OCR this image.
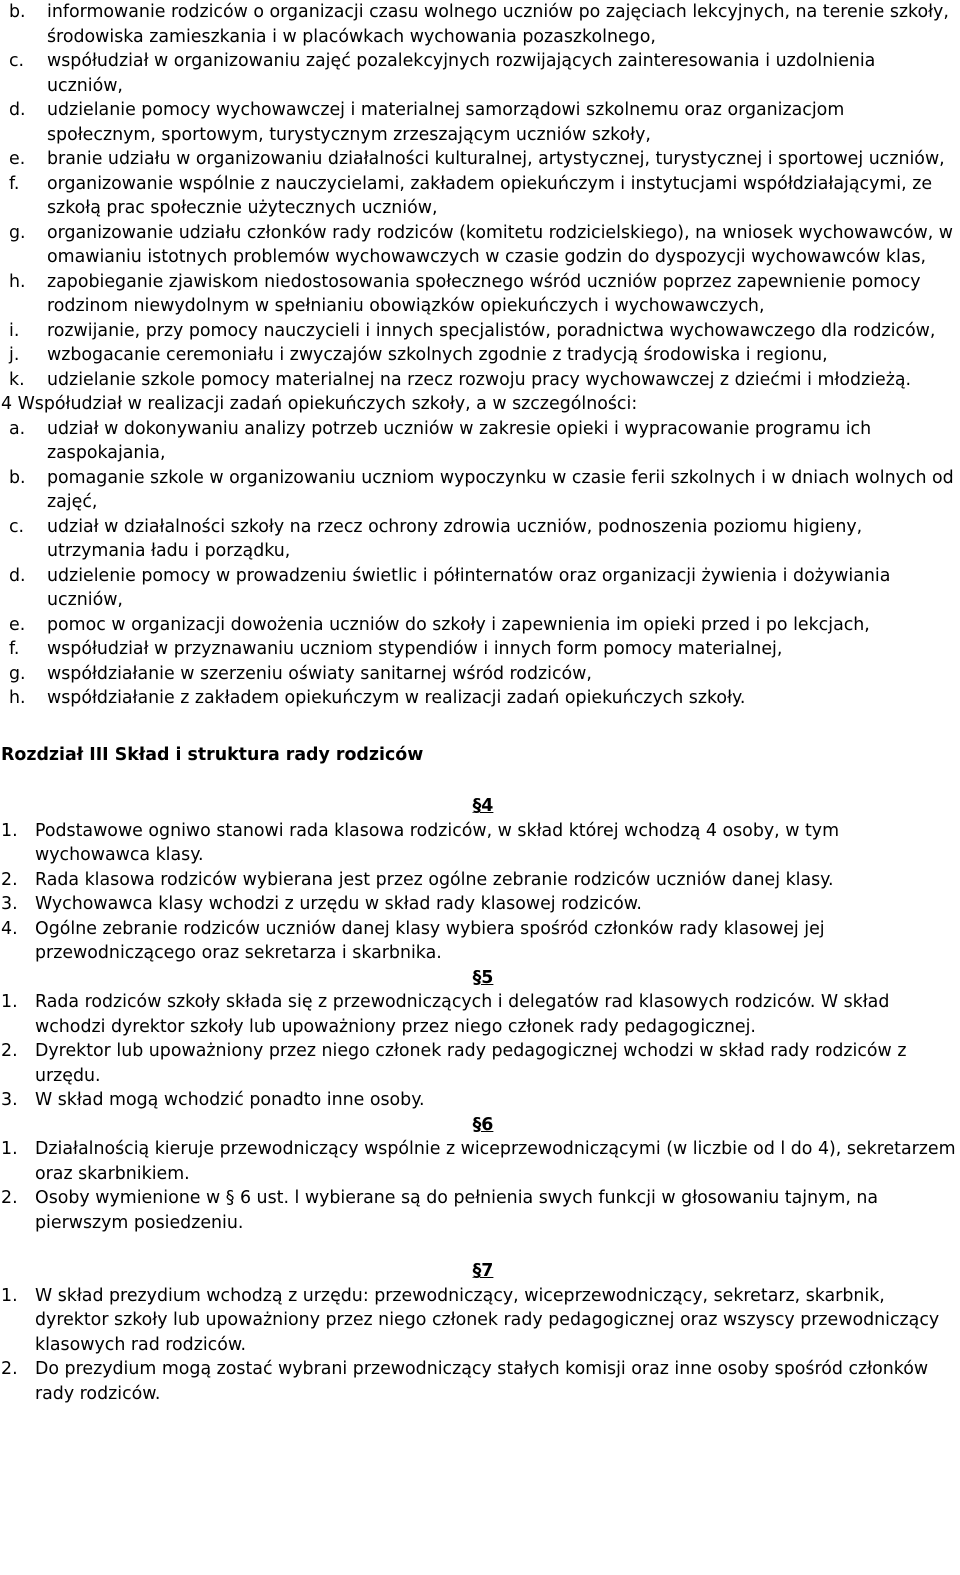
b. informowanie rodziców o organizacji czasu wolnego uczniów po zajęciach lekcyjnych, na terenie szkoły, środowiska zamieszkania i w placówkach wychowania pozaszkolnego,
c. współudział w organizowaniu zajęć pozalekcyjnych rozwijających zainteresowania i uzdolnienia uczniów,
d. udzielanie pomocy wychowawczej i materialnej samorządowi szkolnemu oraz organizacjom społecznym, sportowym, turystycznym zrzeszającym uczniów szkoły,
e. branie udziału w organizowaniu działalności kulturalnej, artystycznej, turystycznej i sportowej uczniów,
f. organizowanie wspólnie z nauczycielami, zakładem opiekuńczym i instytucjami współdziałającymi, ze szkołą prac społecznie użytecznych uczniów,
g. organizowanie udziału członków rady rodziców (komitetu rodzicielskiego), na wniosek wychowawców, w omawianiu istotnych problemów wychowawczych w czasie godzin do dyspozycji wychowawców klas,
h. zapobieganie zjawiskom niedostosowania społecznego wśród uczniów poprzez zapewnienie pomocy rodzinom niewydolnym w spełnianiu obowiązków opiekuńczych i wychowawczych,
i. rozwijanie, przy pomocy nauczycieli i innych specjalistów, poradnictwa wychowawczego dla rodziców,
j. wzbogacanie ceremoniału i zwyczajów szkolnych zgodnie z tradycją środowiska i regionu,
k. udzielanie szkole pomocy materialnej na rzecz rozwoju pracy wychowawczej z dziećmi i młodzieżą.
4 Współudział w realizacji zadań opiekuńczych szkoły, a w szczególności:
a. udział w dokonywaniu analizy potrzeb uczniów w zakresie opieki i wypracowanie programu ich zaspokajania,
b. pomaganie szkole w organizowaniu uczniom wypoczynku w czasie ferii szkolnych i w dniach wolnych od zajęć,
c. udział w działalności szkoły na rzecz ochrony zdrowia uczniów, podnoszenia poziomu higieny, utrzymania ładu i porządku,
d. udzielenie pomocy w prowadzeniu świetlic i półinternatów oraz organizacji żywienia i dożywiania uczniów,
e. pomoc w organizacji dowożenia uczniów do szkoły i zapewnienia im opieki przed i po lekcjach,
f. współudział w przyznawaniu uczniom stypendiów i innych form pomocy materialnej,
g. współdziałanie w szerzeniu oświaty sanitarnej wśród rodziców,
h. współdziałanie z zakładem opiekuńczym w realizacji zadań opiekuńczych szkoły.
Rozdział III Skład i struktura rady rodziców
§4
1. Podstawowe ogniwo stanowi rada klasowa rodziców, w skład której wchodzą 4 osoby, w tym wychowawca klasy.
2. Rada klasowa rodziców wybierana jest przez ogólne zebranie rodziców uczniów danej klasy.
3. Wychowawca klasy wchodzi z urzędu w skład rady klasowej rodziców.
4. Ogólne zebranie rodziców uczniów danej klasy wybiera spośród członków rady klasowej jej przewodniczącego oraz sekretarza i skarbnika.
§5
1. Rada rodziców szkoły składa się z przewodniczących i delegatów rad klasowych rodziców. W skład wchodzi dyrektor szkoły lub upoważniony przez niego członek rady pedagogicznej.
2. Dyrektor lub upoważniony przez niego członek rady pedagogicznej wchodzi w skład rady rodziców z urzędu.
3. W skład mogą wchodzić ponadto inne osoby.
§6
1. Działalnością kieruje przewodniczący wspólnie z wiceprzewodniczącymi (w liczbie od l do 4), sekretarzem oraz skarbnikiem.
2. Osoby wymienione w § 6 ust. l wybierane są do pełnienia swych funkcji w głosowaniu tajnym, na pierwszym posiedzeniu.
§7
1. W skład prezydium wchodzą z urzędu: przewodniczący, wiceprzewodniczący, sekretarz, skarbnik, dyrektor szkoły lub upoważniony przez niego członek rady pedagogicznej oraz wszyscy przewodniczący klasowych rad rodziców.
2. Do prezydium mogą zostać wybrani przewodniczący stałych komisji oraz inne osoby spośród członków rady rodziców.
